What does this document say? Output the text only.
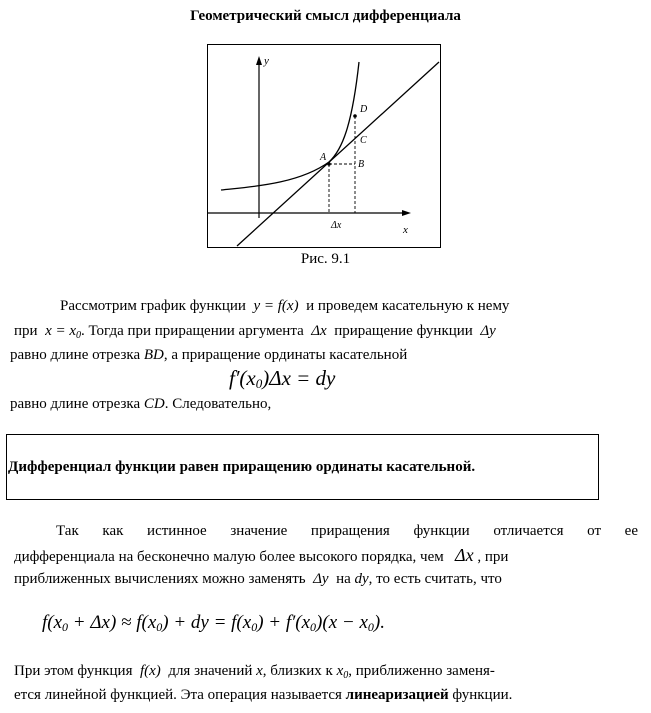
Геометрический смысл дифференциала
y
x
A
B
C
D
Δx
Рис. 9.1
Рассмотрим график функции y = f(x) и проведем касательную к нему
при $x = x_0$. Тогда при приращении аргумента Δx приращение функции Δy
равно длине отрезка BD, а приращение ординаты касательной
$f'(x_0)\Delta x$ = dy
равно длине отрезка CD. Следовательно,
Дифференциал функции равен приращению ординаты касательной.
Так как истинное значение приращения функции отличается от ее
дифференциала на бесконечно малую более высокого порядка, чем Δx , при
приближенных вычислениях можно заменять Δy на dy, то есть считать, что
$f(x_0 + \Delta x) \approx f(x_0)$ + dy = $f(x_0) + f'(x_0)(x - x_0)$.
При этом функция f(x) для значений x, близких к $x_0$, приближенно заменя-
ется линейной функцией. Эта операция называется линеаризацией функции.
